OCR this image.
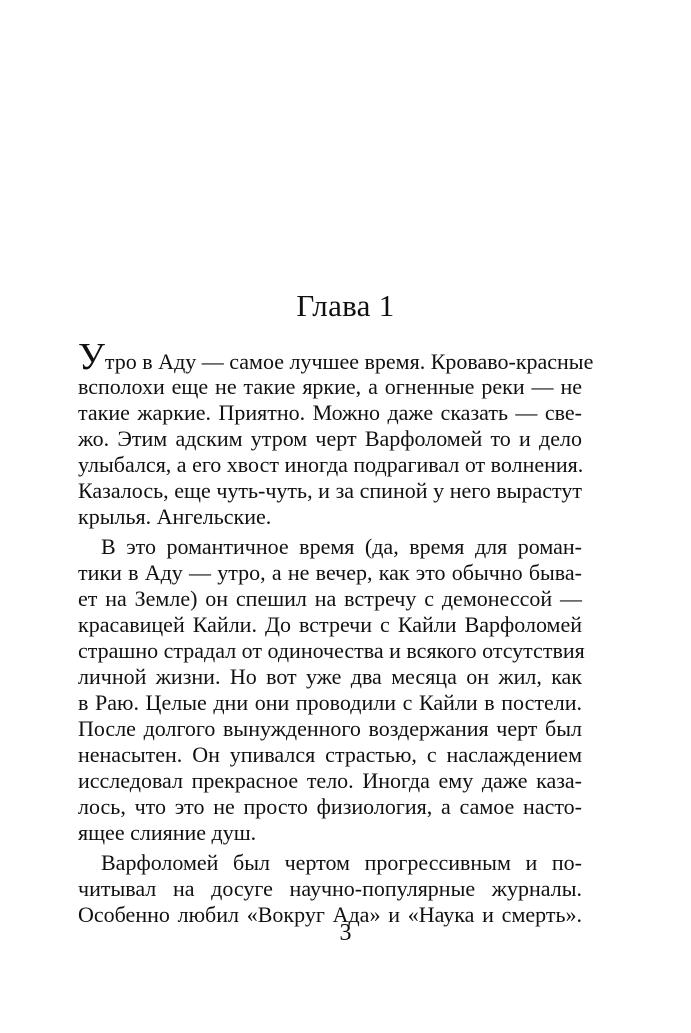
Глава 1
Утро в Аду — самое лучшее время. Кроваво-красные
всполохи еще не такие яркие, а огненные реки — не
такие жаркие. Приятно. Можно даже сказать — све-
жо. Этим адским утром черт Варфоломей то и дело
улыбался, а его хвост иногда подрагивал от волнения.
Казалось, еще чуть-чуть, и за спиной у него вырастут
крылья. Ангельские.
В это романтичное время (да, время для роман-
тики в Аду — утро, а не вечер, как это обычно быва-
ет на Земле) он спешил на встречу с демонессой —
красавицей Кайли. До встречи с Кайли Варфоломей
страшно страдал от одиночества и всякого отсутствия
личной жизни. Но вот уже два месяца он жил, как
в Раю. Целые дни они проводили с Кайли в постели.
После долгого вынужденного воздержания черт был
ненасытен. Он упивался страстью, с наслаждением
исследовал прекрасное тело. Иногда ему даже каза-
лось, что это не просто физиология, а самое насто-
ящее слияние душ.
Варфоломей был чертом прогрессивным и по-
читывал на досуге научно-популярные журналы.
Особенно любил «Вокруг Ада» и «Наука и смерть».
3
